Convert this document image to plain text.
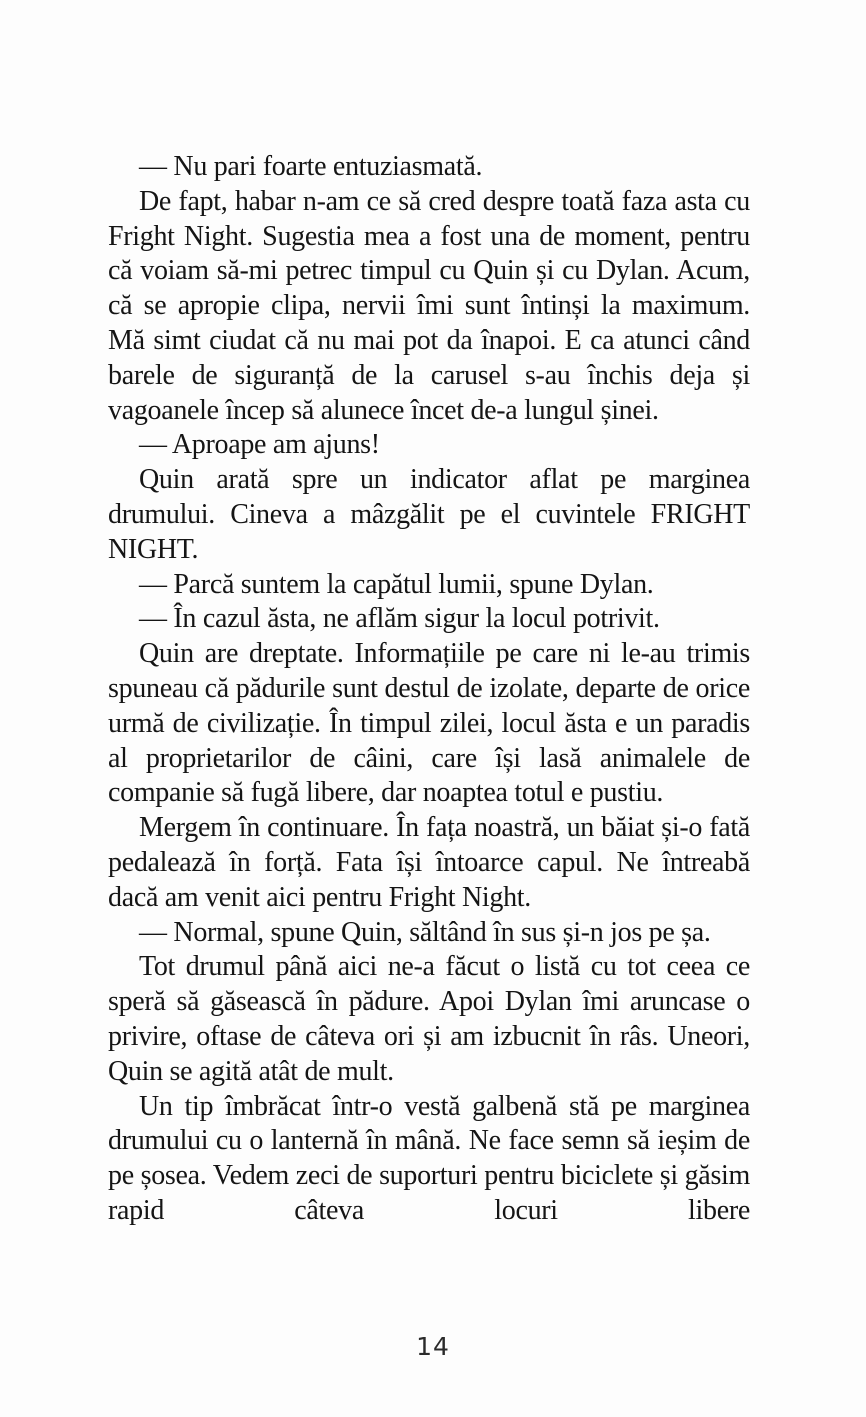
— Nu pari foarte entuziasmată.

De fapt, habar n-am ce să cred despre toată faza asta cu Fright Night. Sugestia mea a fost una de moment, pentru că voiam să-mi petrec timpul cu Quin și cu Dylan. Acum, că se apropie clipa, nervii îmi sunt întinși la maximum. Mă simt ciudat că nu mai pot da înapoi. E ca atunci când barele de siguranță de la carusel s-au închis deja și vagoanele încep să alunece încet de-a lungul șinei.

— Aproape am ajuns!

Quin arată spre un indicator aflat pe marginea drumului. Cineva a mâzgălit pe el cuvintele FRIGHT NIGHT.

— Parcă suntem la capătul lumii, spune Dylan.

— În cazul ăsta, ne aflăm sigur la locul potrivit.

Quin are dreptate. Informațiile pe care ni le-au trimis spuneau că pădurile sunt destul de izolate, departe de orice urmă de civilizație. În timpul zilei, locul ăsta e un paradis al proprietarilor de câini, care își lasă animalele de companie să fugă libere, dar noaptea totul e pustiu.

Mergem în continuare. În fața noastră, un băiat și-o fată pedalează în forță. Fata își întoarce capul. Ne întreabă dacă am venit aici pentru Fright Night.

— Normal, spune Quin, săltând în sus și-n jos pe șa.

Tot drumul până aici ne-a făcut o listă cu tot ceea ce speră să găsească în pădure. Apoi Dylan îmi aruncase o privire, oftase de câteva ori și am izbucnit în râs. Uneori, Quin se agită atât de mult.

Un tip îmbrăcat într-o vestă galbenă stă pe marginea drumului cu o lanternă în mână. Ne face semn să ieșim de pe șosea. Vedem zeci de suporturi pentru biciclete și găsim rapid câteva locuri libere

14
